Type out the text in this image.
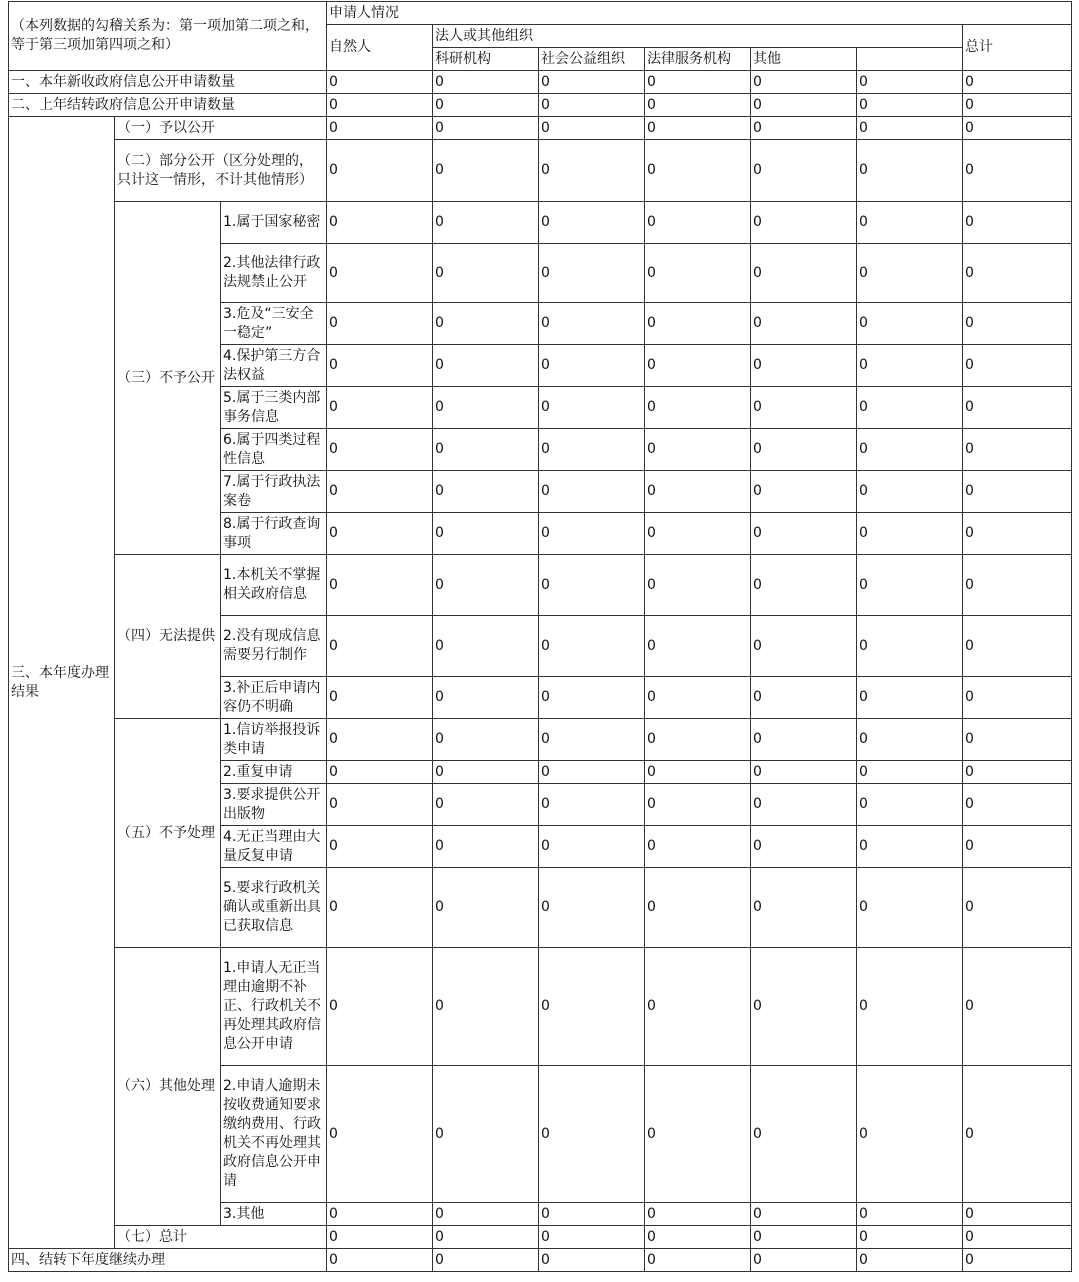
（本列数据的勾稽关系为：第一项加第二项之和，等于第三项加第四项之和）			申请人情况						
			自然人	法人或其他组织					总计
				科研机构	社会公益组织	法律服务机构	其他		
一、本年新收政府信息公开申请数量			0	0	0	0	0	0	0
二、上年结转政府信息公开申请数量			0	0	0	0	0	0	0
三、本年度办理结果	（一）予以公开		0	0	0	0	0	0	0
	（二）部分公开（区分处理的，只计这一情形，不计其他情形）		0	0	0	0	0	0	0
	（三）不予公开	1.属于国家秘密	0	0	0	0	0	0	0
		2.其他法律行政法规禁止公开	0	0	0	0	0	0	0
		3.危及“三安全一稳定”	0	0	0	0	0	0	0
		4.保护第三方合法权益	0	0	0	0	0	0	0
		5.属于三类内部事务信息	0	0	0	0	0	0	0
		6.属于四类过程性信息	0	0	0	0	0	0	0
		7.属于行政执法案卷	0	0	0	0	0	0	0
		8.属于行政查询事项	0	0	0	0	0	0	0
	（四）无法提供	1.本机关不掌握相关政府信息	0	0	0	0	0	0	0
		2.没有现成信息需要另行制作	0	0	0	0	0	0	0
		3.补正后申请内容仍不明确	0	0	0	0	0	0	0
	（五）不予处理	1.信访举报投诉类申请	0	0	0	0	0	0	0
		2.重复申请	0	0	0	0	0	0	0
		3.要求提供公开出版物	0	0	0	0	0	0	0
		4.无正当理由大量反复申请	0	0	0	0	0	0	0
		5.要求行政机关确认或重新出具已获取信息	0	0	0	0	0	0	0
	（六）其他处理	1.申请人无正当理由逾期不补正、行政机关不再处理其政府信息公开申请	0	0	0	0	0	0	0
		2.申请人逾期未按收费通知要求缴纳费用、行政机关不再处理其政府信息公开申请	0	0	0	0	0	0	0
		3.其他	0	0	0	0	0	0	0
	（七）总计		0	0	0	0	0	0	0
四、结转下年度继续办理			0	0	0	0	0	0	0
